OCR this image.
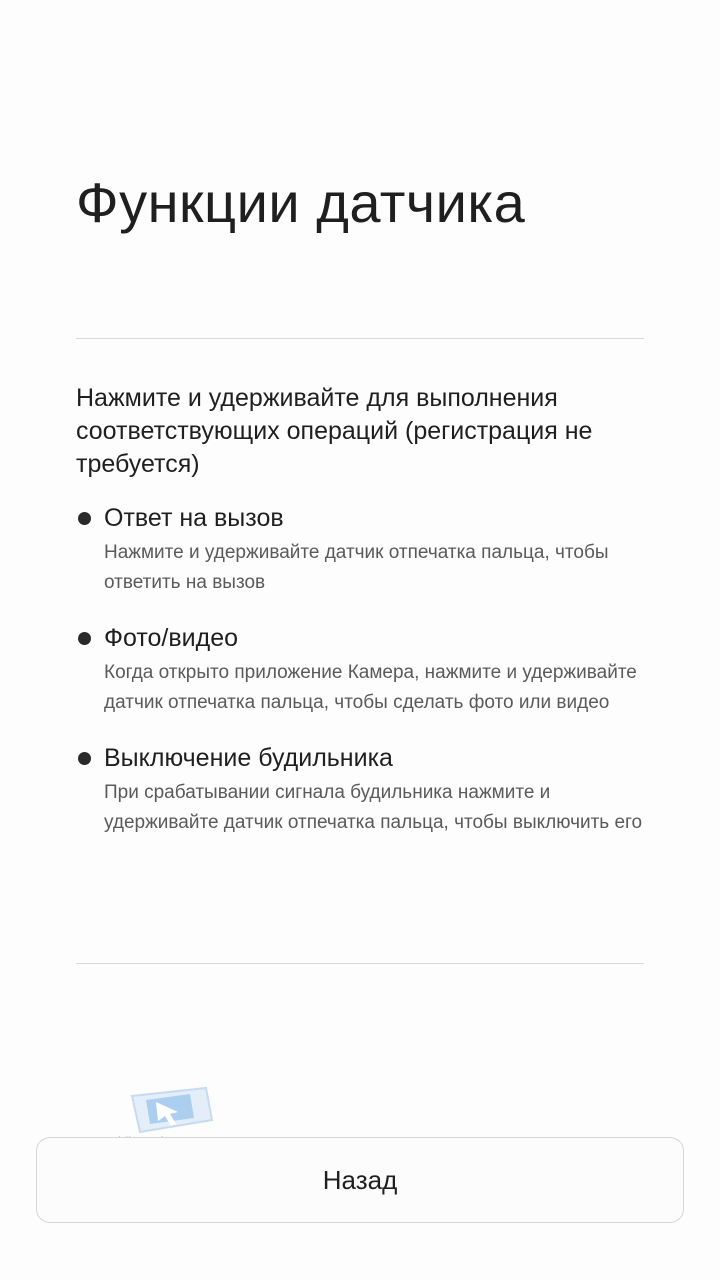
Функции датчика

Нажмите и удерживайте для выполнения соответствующих операций (регистрация не требуется)

Ответ на вызов
Нажмите и удерживайте датчик отпечатка пальца, чтобы ответить на вызов
Фото/видео
Когда открыто приложение Камера, нажмите и удерживайте датчик отпечатка пальца, чтобы сделать фото или видео
Выключение будильника
При срабатывании сигнала будильника нажмите и удерживайте датчик отпечатка пальца, чтобы выключить его
Назад
